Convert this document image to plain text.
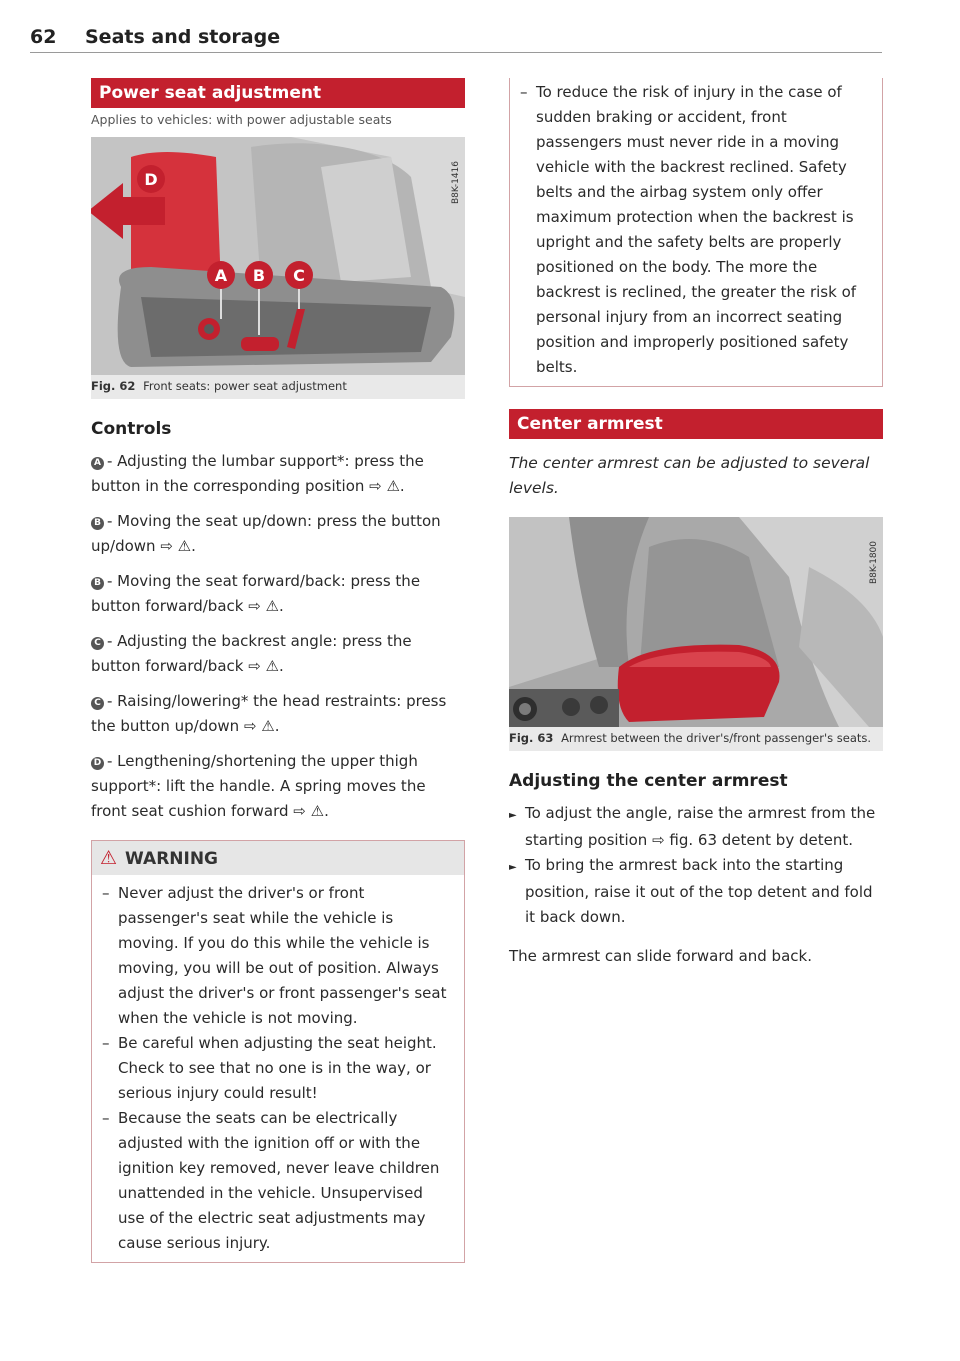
62 Seats and storage
Power seat adjustment

Applies to vehicles: with power adjustable seats

A B C
D	B8K-1416
Fig. 62 Front seats: power seat adjustment
Controls

A - Adjusting the lumbar support*: press the button in the corresponding position ⇨ ⚠.

B - Moving the seat up/down: press the button up/down ⇨ ⚠.

B - Moving the seat forward/back: press the button forward/back ⇨ ⚠.

C - Adjusting the backrest angle: press the button forward/back ⇨ ⚠.

C - Raising/lowering* the head restraints: press the button up/down ⇨ ⚠.

D - Lengthening/shortening the upper thigh support*: lift the handle. A spring moves the front seat cushion forward ⇨ ⚠.

⚠ WARNING

– Never adjust the driver's or front passenger's seat while the vehicle is moving. If you do this while the vehicle is moving, you will be out of position. Always adjust the driver's or front passenger's seat when the vehicle is not moving.

– Be careful when adjusting the seat height. Check to see that no one is in the way, or serious injury could result!

– Because the seats can be electrically adjusted with the ignition off or with the ignition key removed, never leave children unattended in the vehicle. Unsupervised use of the electric seat adjustments may cause serious injury.

– To reduce the risk of injury in the case of sudden braking or accident, front passengers must never ride in a moving vehicle with the backrest reclined. Safety belts and the airbag system only offer maximum protection when the backrest is upright and the safety belts are properly positioned on the body. The more the backrest is reclined, the greater the risk of personal injury from an incorrect seating position and improperly positioned safety belts.

Center armrest

The center armrest can be adjusted to several levels.

B8K-1800
Fig. 63 Armrest between the driver's/front passenger's seats.
Adjusting the center armrest

► To adjust the angle, raise the armrest from the starting position ⇨ fig. 63 detent by detent.

► To bring the armrest back into the starting position, raise it out of the top detent and fold it back down.

The armrest can slide forward and back.
